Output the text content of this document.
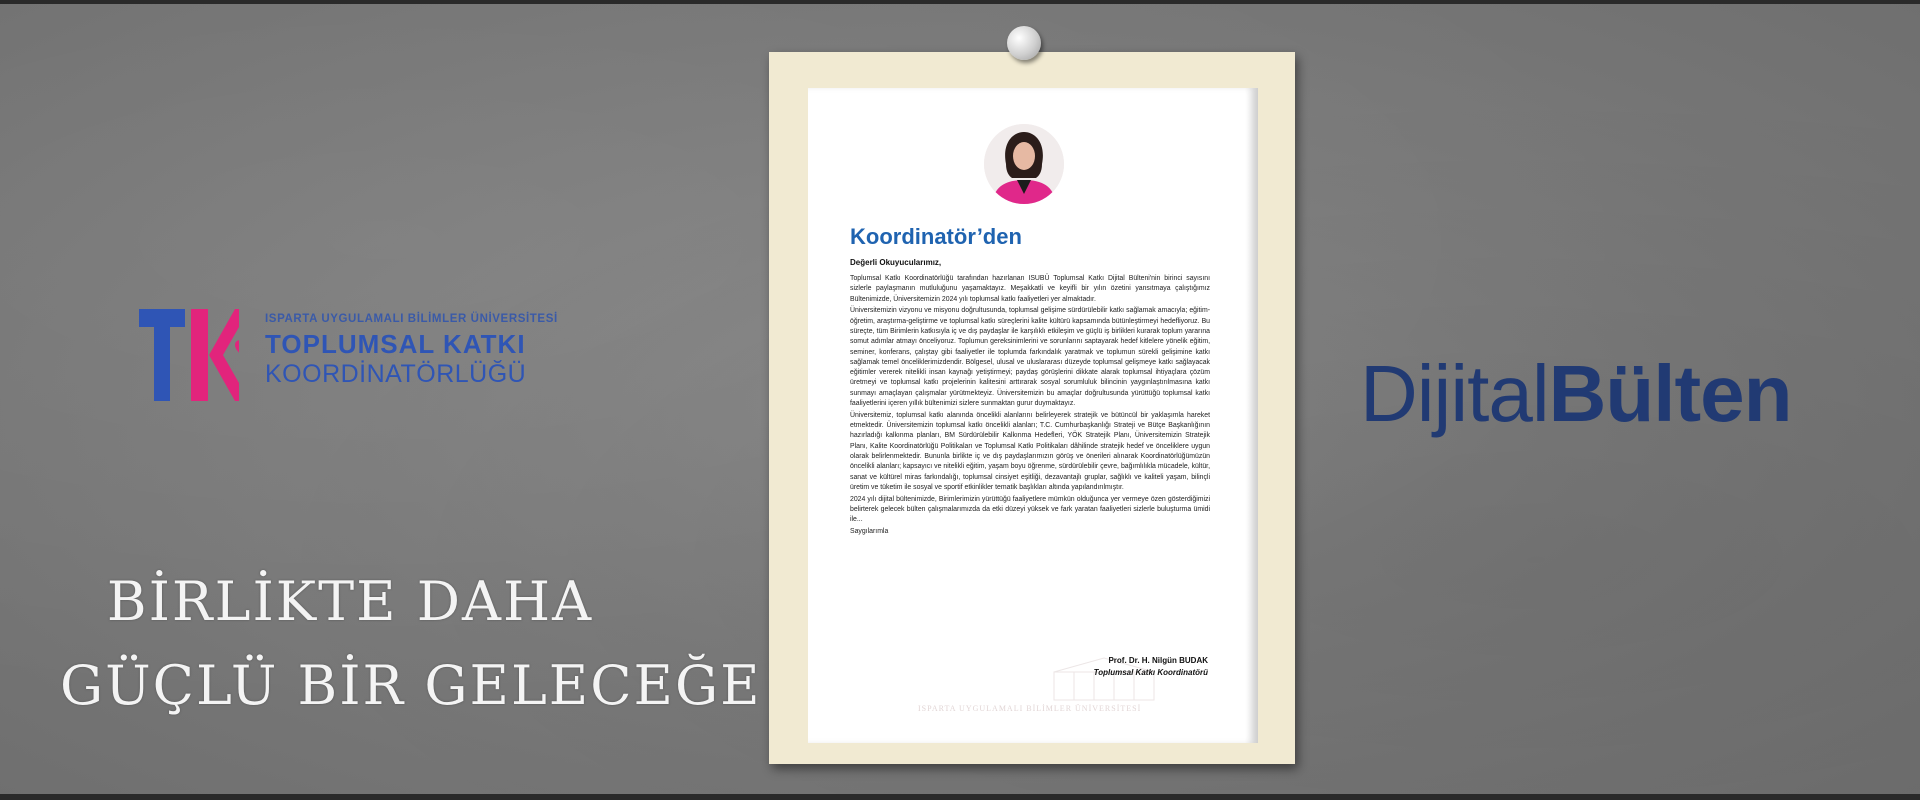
ISPARTA UYGULAMALI BİLİMLER ÜNİVERSİTESİ
TOPLUMSAL KATKI
KOORDİNATÖRLÜĞÜ
BİRLİKTE DAHA
GÜÇLÜ BİR GELECEĞE
DijitalBülten
Koordinatör’den
Değerli Okuyucularımız,

Toplumsal Katkı Koordinatörlüğü tarafından hazırlanan ISUBÜ Toplumsal Katkı Dijital Bülteni'nin birinci sayısını sizlerle paylaşmanın mutluluğunu yaşamaktayız. Meşakkatli ve keyifli bir yılın özetini yansıtmaya çalıştığımız Bültenimizde, Üniversitemizin 2024 yılı toplumsal katkı faaliyetleri yer almaktadır.

Üniversitemizin vizyonu ve misyonu doğrultusunda, toplumsal gelişime sürdürülebilir katkı sağlamak amacıyla; eğitim-öğretim, araştırma-geliştirme ve toplumsal katkı süreçlerini kalite kültürü kapsamında bütünleştirmeyi hedefliyoruz. Bu süreçte, tüm Birimlerin katkısıyla iç ve dış paydaşlar ile karşılıklı etkileşim ve güçlü iş birlikleri kurarak toplum yararına somut adımlar atmayı önceliyoruz. Toplumun gereksinimlerini ve sorunlarını saptayarak hedef kitlelere yönelik eğitim, seminer, konferans, çalıştay gibi faaliyetler ile toplumda farkındalık yaratmak ve toplumun sürekli gelişimine katkı sağlamak temel önceliklerimizdendir. Bölgesel, ulusal ve uluslararası düzeyde toplumsal gelişmeye katkı sağlayacak eğitimler vererek nitelikli insan kaynağı yetiştirmeyi; paydaş görüşlerini dikkate alarak toplumsal ihtiyaçlara çözüm üretmeyi ve toplumsal katkı projelerinin kalitesini arttırarak sosyal sorumluluk bilincinin yaygınlaştırılmasına katkı sunmayı amaçlayan çalışmalar yürütmekteyiz. Üniversitemizin bu amaçlar doğrultusunda yürüttüğü toplumsal katkı faaliyetlerini içeren yıllık bültenimizi sizlere sunmaktan gurur duymaktayız.

Üniversitemiz, toplumsal katkı alanında öncelikli alanlarını belirleyerek stratejik ve bütüncül bir yaklaşımla hareket etmektedir. Üniversitemizin toplumsal katkı öncelikli alanları; T.C. Cumhurbaşkanlığı Strateji ve Bütçe Başkanlığının hazırladığı kalkınma planları, BM Sürdürülebilir Kalkınma Hedefleri, YÖK Stratejik Planı, Üniversitemizin Stratejik Planı, Kalite Koordinatörlüğü Politikaları ve Toplumsal Katkı Politikaları dâhilinde stratejik hedef ve önceliklere uygun olarak belirlenmektedir. Bununla birlikte iç ve dış paydaşlarımızın görüş ve önerileri alınarak Koordinatörlüğümüzün öncelikli alanları; kapsayıcı ve nitelikli eğitim, yaşam boyu öğrenme, sürdürülebilir çevre, bağımlılıkla mücadele, kültür, sanat ve kültürel miras farkındalığı, toplumsal cinsiyet eşitliği, dezavantajlı gruplar, sağlıklı ve kaliteli yaşam, bilinçli üretim ve tüketim ile sosyal ve sportif etkinlikler tematik başlıkları altında yapılandırılmıştır.

2024 yılı dijital bültenimizde, Birimlerimizin yürüttüğü faaliyetlere mümkün olduğunca yer vermeye özen gösterdiğimizi belirterek gelecek bülten çalışmalarımızda da etki düzeyi yüksek ve fark yaratan faaliyetleri sizlerle buluşturma ümidi ile...

Saygılarımla

Prof. Dr. H. Nilgün BUDAK
Toplumsal Katkı Koordinatörü
ISPARTA UYGULAMALI BİLİMLER ÜNİVERSİTESİ
